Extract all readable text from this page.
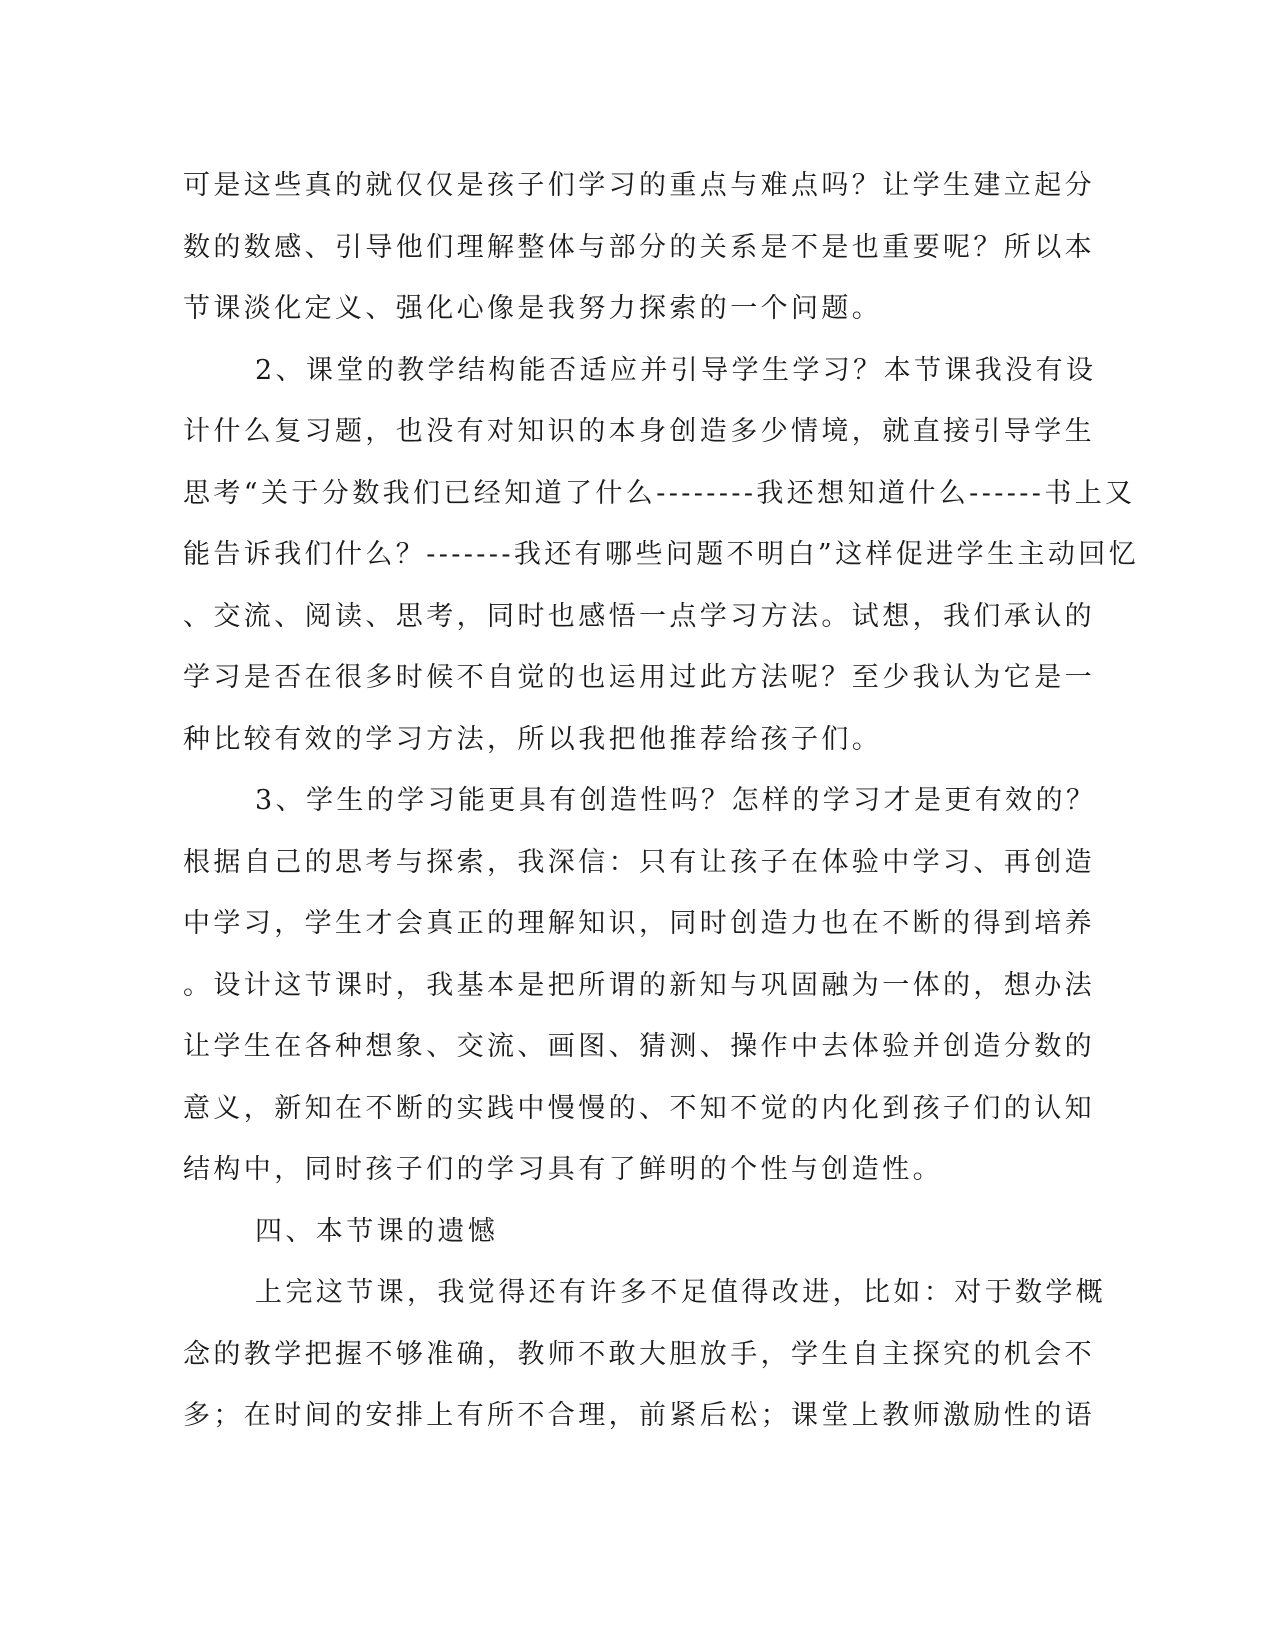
可是这些真的就仅仅是孩子们学习的重点与难点吗？让学生建立起分
数的数感、引导他们理解整体与部分的关系是不是也重要呢？所以本
节课淡化定义、强化心像是我努力探索的一个问题。
2、课堂的教学结构能否适应并引导学生学习？本节课我没有设
计什么复习题，也没有对知识的本身创造多少情境，就直接引导学生
思考“关于分数我们已经知道了什么--------我还想知道什么------书上又
能告诉我们什么？-------我还有哪些问题不明白”这样促进学生主动回忆
、交流、阅读、思考，同时也感悟一点学习方法。试想，我们承认的
学习是否在很多时候不自觉的也运用过此方法呢？至少我认为它是一
种比较有效的学习方法，所以我把他推荐给孩子们。
3、学生的学习能更具有创造性吗？怎样的学习才是更有效的？
根据自己的思考与探索，我深信：只有让孩子在体验中学习、再创造
中学习，学生才会真正的理解知识，同时创造力也在不断的得到培养
。设计这节课时，我基本是把所谓的新知与巩固融为一体的，想办法
让学生在各种想象、交流、画图、猜测、操作中去体验并创造分数的
意义，新知在不断的实践中慢慢的、不知不觉的内化到孩子们的认知
结构中，同时孩子们的学习具有了鲜明的个性与创造性。
四、本节课的遗憾
上完这节课，我觉得还有许多不足值得改进，比如：对于数学概
念的教学把握不够准确，教师不敢大胆放手，学生自主探究的机会不
多；在时间的安排上有所不合理，前紧后松；课堂上教师激励性的语
